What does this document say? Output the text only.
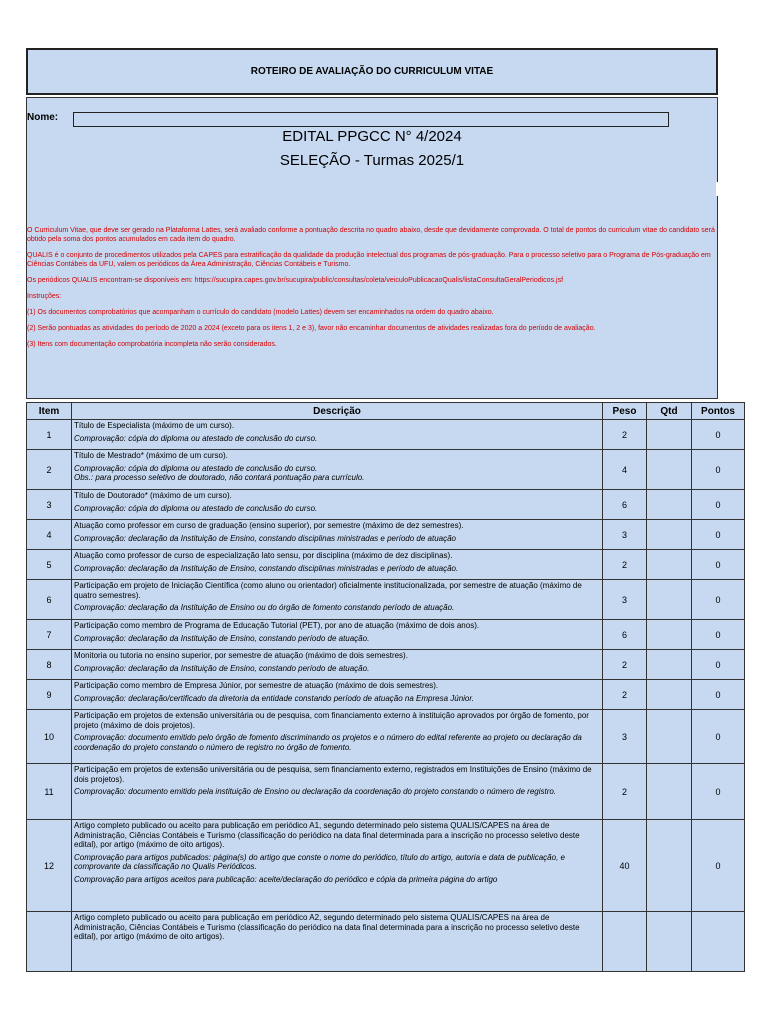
ROTEIRO DE AVALIAÇÃO DO CURRICULUM VITAE
Nome:
EDITAL PPGCC N° 4/2024
SELEÇÃO - Turmas 2025/1

O Curriculum Vitae, que deve ser gerado na Plataforma Lattes, será avaliado conforme a pontuação descrita no quadro abaixo, desde que devidamente comprovada. O total de pontos do curriculum vitae do candidato será obtido pela soma dos pontos acumulados em cada item do quadro.

QUALIS é o conjunto de procedimentos utilizados pela CAPES para estratificação da qualidade da produção intelectual dos programas de pós-graduação. Para o processo seletivo para o Programa de Pós-graduação em Ciências Contábeis da UFU, valem os periódicos da Área Administração, Ciências Contábeis e Turismo.

Os periódicos QUALIS encontram-se disponíveis em: https://sucupira.capes.gov.br/sucupira/public/consultas/coleta/veiculoPublicacaoQualis/listaConsultaGeralPeriodicos.jsf

Instruções:

(1) Os documentos comprobatórios que acompanham o currículo do candidato (modelo Lattes) devem ser encaminhados na ordem do quadro abaixo.

(2) Serão pontuadas as atividades do período de 2020 a 2024 (exceto para os itens 1, 2 e 3), favor não encaminhar documentos de atividades realizadas fora do período de avaliação.

(3) Itens com documentação comprobatória incompleta não serão considerados.

Item	Descrição	Peso	Qtd	Pontos
1	Título de Especialista (máximo de um curso).
Comprovação: cópia do diploma ou atestado de conclusão do curso.	2		0
2	Título de Mestrado* (máximo de um curso).
Comprovação: cópia do diploma ou atestado de conclusão do curso.
Obs.: para processo seletivo de doutorado, não contará pontuação para currículo.	4		0
3	Título de Doutorado* (máximo de um curso).
Comprovação: cópia do diploma ou atestado de conclusão do curso.	6		0
4	Atuação como professor em curso de graduação (ensino superior), por semestre (máximo de dez semestres).
Comprovação: declaração da Instituição de Ensino, constando disciplinas ministradas e período de atuação	3		0
5	Atuação como professor de curso de especialização lato sensu, por disciplina (máximo de dez disciplinas).
Comprovação: declaração da Instituição de Ensino, constando disciplinas ministradas e período de atuação.	2		0
6	Participação em projeto de Iniciação Científica (como aluno ou orientador) oficialmente institucionalizada, por semestre de atuação (máximo de quatro semestres).
Comprovação: declaração da Instituição de Ensino ou do órgão de fomento constando período de atuação.	3		0
7	Participação como membro de Programa de Educação Tutorial (PET), por ano de atuação (máximo de dois anos).
Comprovação: declaração da Instituição de Ensino, constando período de atuação.	6		0
8	Monitoria ou tutoria no ensino superior, por semestre de atuação (máximo de dois semestres).
Comprovação: declaração da Instituição de Ensino, constando período de atuação.	2		0
9	Participação como membro de Empresa Júnior, por semestre de atuação (máximo de dois semestres).
Comprovação: declaração/certificado da diretoria da entidade constando período de atuação na Empresa Júnior.	2		0
10	Participação em projetos de extensão universitária ou de pesquisa, com financiamento externo à instituição aprovados por órgão de fomento, por projeto (máximo de dois projetos).
Comprovação: documento emitido pelo órgão de fomento discriminando os projetos e o número do edital referente ao projeto ou declaração da coordenação do projeto constando o número de registro no órgão de fomento.	3		0
11	Participação em projetos de extensão universitária ou de pesquisa, sem financiamento externo, registrados em Instituições de Ensino (máximo de dois projetos).
Comprovação: documento emitido pela instituição de Ensino ou declaração da coordenação do projeto constando o número de registro.	2		0
12	Artigo completo publicado ou aceito para publicação em periódico A1, segundo determinado pelo sistema QUALIS/CAPES na área de Administração, Ciências Contábeis e Turismo (classificação do periódico na data final determinada para a inscrição no processo seletivo deste edital), por artigo (máximo de oito artigos).
Comprovação para artigos publicados: página(s) do artigo que conste o nome do periódico, título do artigo, autoria e data de publicação, e comprovante da classificação no Qualis Periódicos.
Comprovação para artigos aceitos para publicação: aceite/declaração do periódico e cópia da primeira página do artigo	40		0

	Artigo completo publicado ou aceito para publicação em periódico A2, segundo determinado pelo sistema QUALIS/CAPES na área de Administração, Ciências Contábeis e Turismo (classificação do periódico na data final determinada para a inscrição no processo seletivo deste edital), por artigo (máximo de oito artigos).			
